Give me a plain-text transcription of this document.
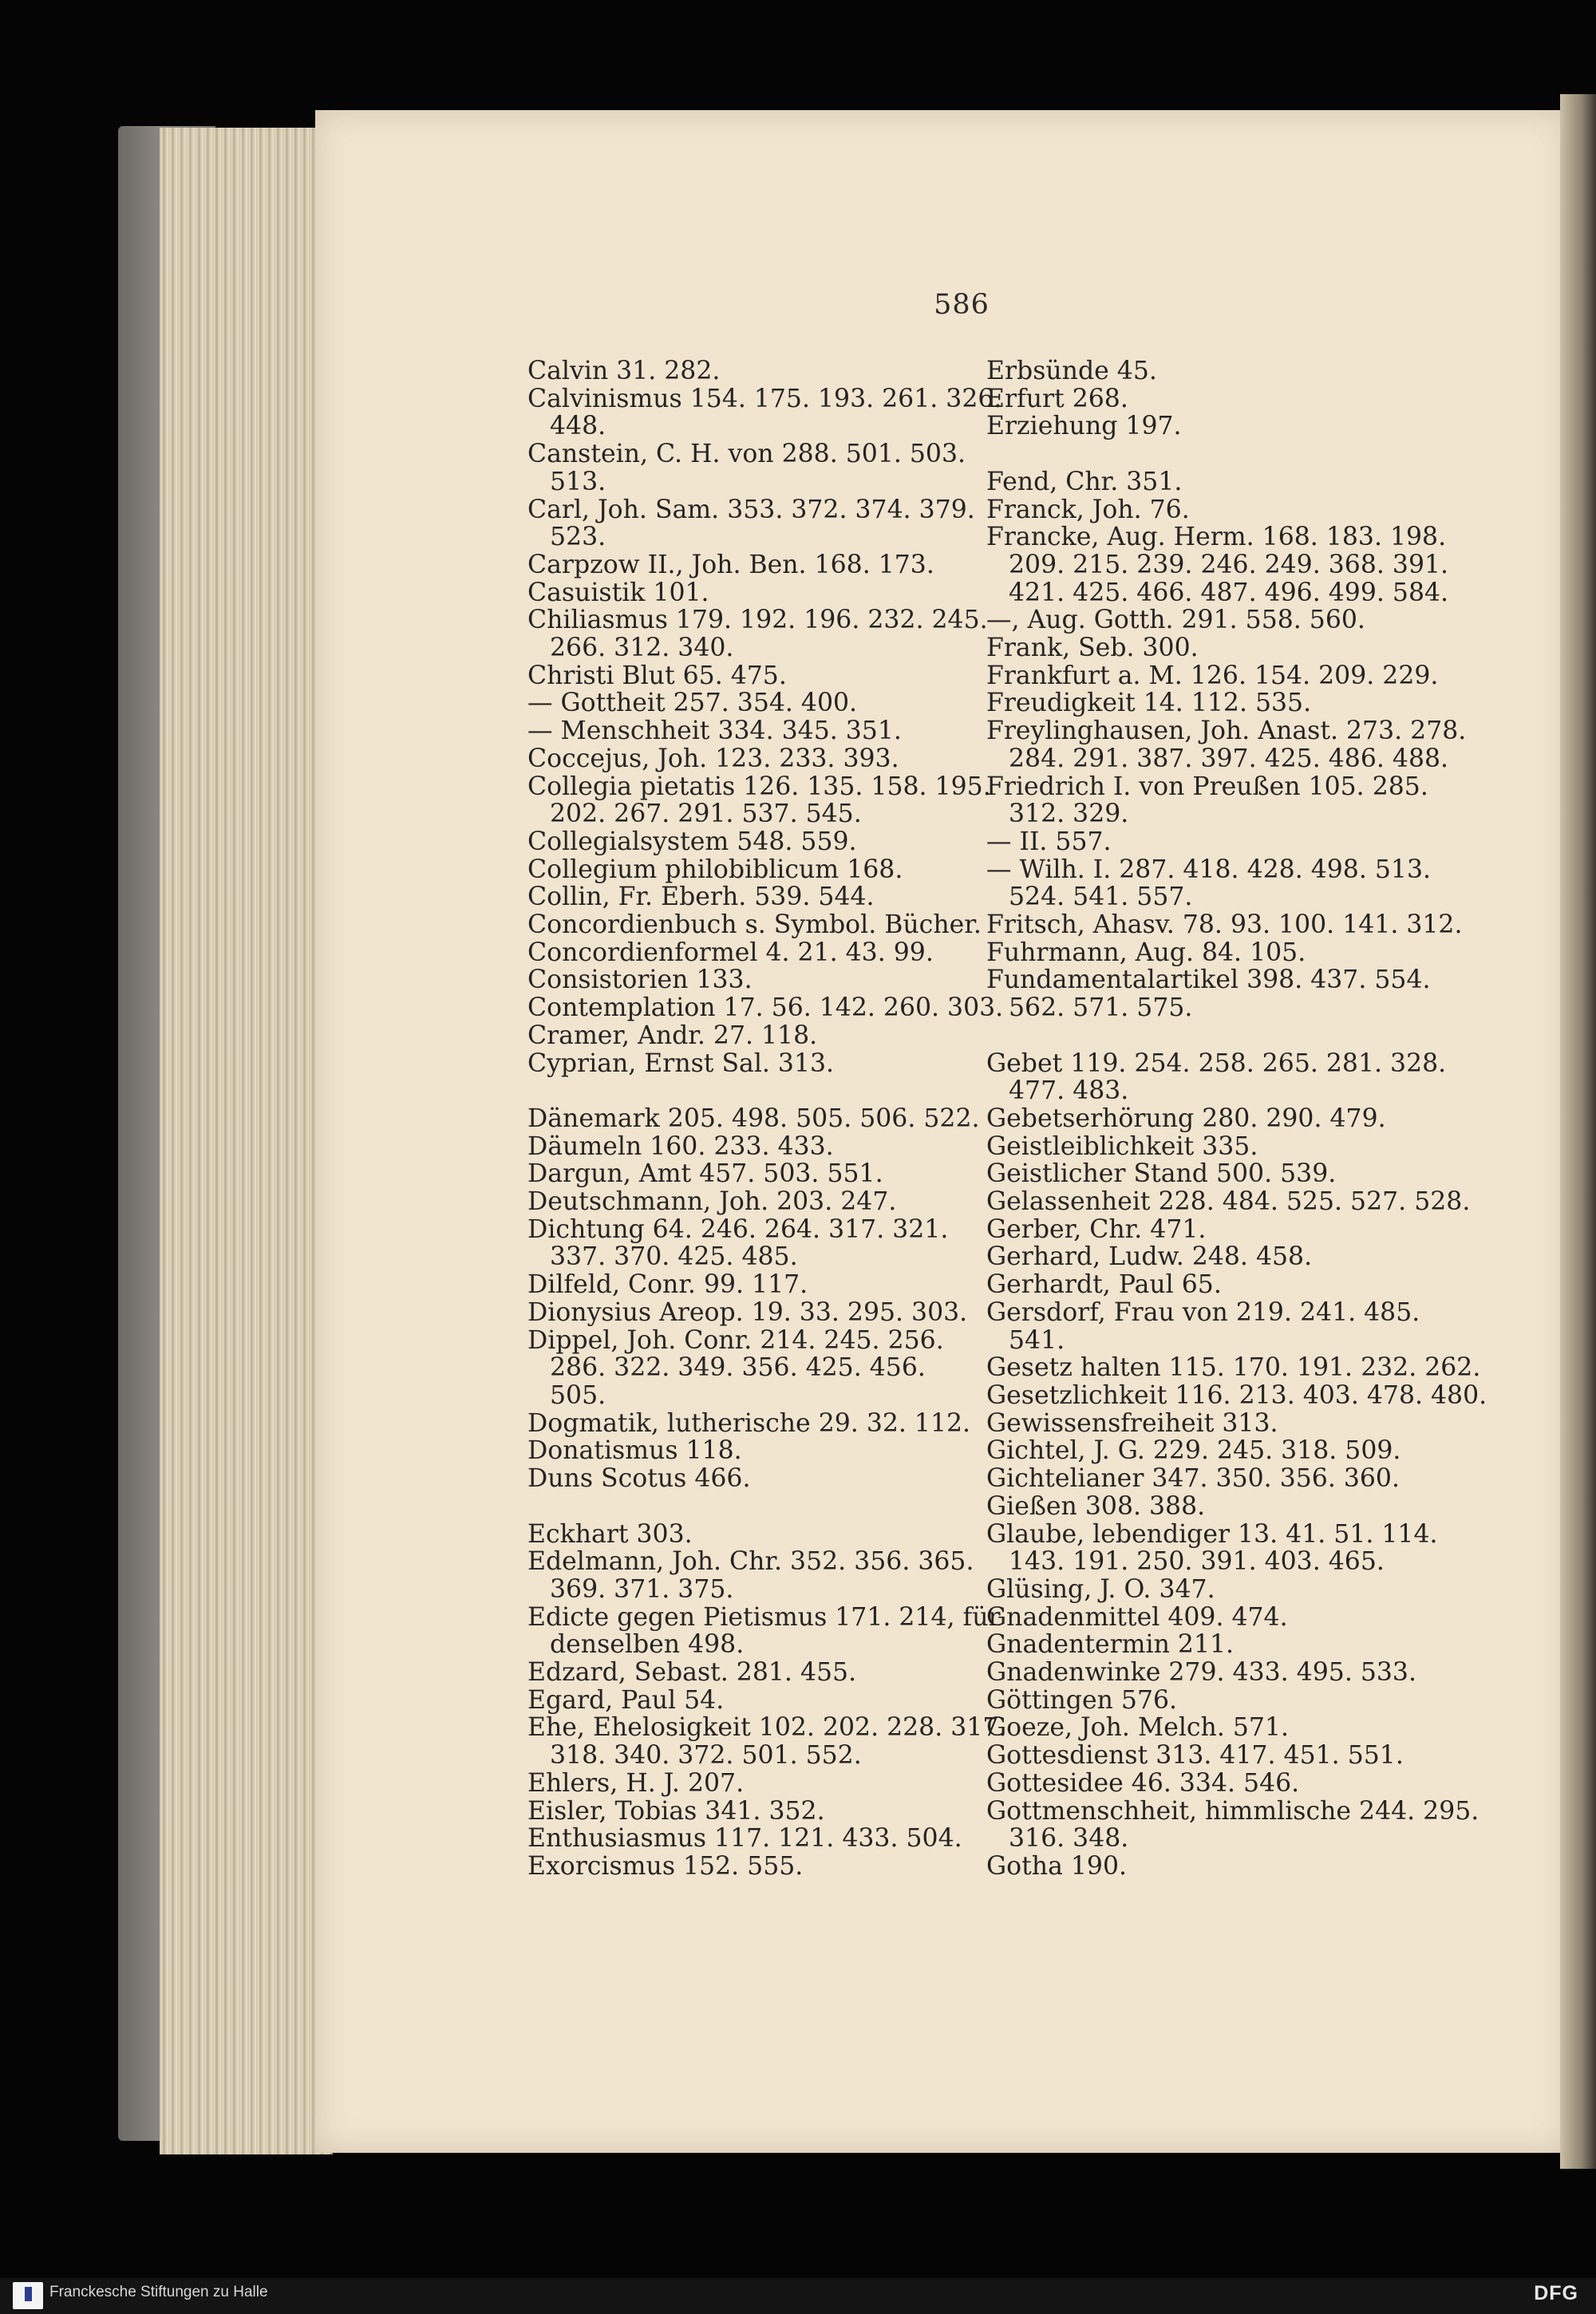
586
Calvin 31. 282.
Calvinismus 154. 175. 193. 261. 326.
448.
Canstein, C. H. von 288. 501. 503.
513.
Carl, Joh. Sam. 353. 372. 374. 379.
523.
Carpzow II., Joh. Ben. 168. 173.
Casuistik 101.
Chiliasmus 179. 192. 196. 232. 245.
266. 312. 340.
Christi Blut 65. 475.
— Gottheit 257. 354. 400.
— Menschheit 334. 345. 351.
Coccejus, Joh. 123. 233. 393.
Collegia pietatis 126. 135. 158. 195.
202. 267. 291. 537. 545.
Collegialsystem 548. 559.
Collegium philobiblicum 168.
Collin, Fr. Eberh. 539. 544.
Concordienbuch s. Symbol. Bücher.
Concordienformel 4. 21. 43. 99.
Consistorien 133.
Contemplation 17. 56. 142. 260. 303.
Cramer, Andr. 27. 118.
Cyprian, Ernst Sal. 313.
Dänemark 205. 498. 505. 506. 522.
Däumeln 160. 233. 433.
Dargun, Amt 457. 503. 551.
Deutschmann, Joh. 203. 247.
Dichtung 64. 246. 264. 317. 321.
337. 370. 425. 485.
Dilfeld, Conr. 99. 117.
Dionysius Areop. 19. 33. 295. 303.
Dippel, Joh. Conr. 214. 245. 256.
286. 322. 349. 356. 425. 456.
505.
Dogmatik, lutherische 29. 32. 112.
Donatismus 118.
Duns Scotus 466.
Eckhart 303.
Edelmann, Joh. Chr. 352. 356. 365.
369. 371. 375.
Edicte gegen Pietismus 171. 214, für
denselben 498.
Edzard, Sebast. 281. 455.
Egard, Paul 54.
Ehe, Ehelosigkeit 102. 202. 228. 317.
318. 340. 372. 501. 552.
Ehlers, H. J. 207.
Eisler, Tobias 341. 352.
Enthusiasmus 117. 121. 433. 504.
Exorcismus 152. 555.
Erbsünde 45.
Erfurt 268.
Erziehung 197.
Fend, Chr. 351.
Franck, Joh. 76.
Francke, Aug. Herm. 168. 183. 198.
209. 215. 239. 246. 249. 368. 391.
421. 425. 466. 487. 496. 499. 584.
—, Aug. Gotth. 291. 558. 560.
Frank, Seb. 300.
Frankfurt a. M. 126. 154. 209. 229.
Freudigkeit 14. 112. 535.
Freylinghausen, Joh. Anast. 273. 278.
284. 291. 387. 397. 425. 486. 488.
Friedrich I. von Preußen 105. 285.
312. 329.
— II. 557.
— Wilh. I. 287. 418. 428. 498. 513.
524. 541. 557.
Fritsch, Ahasv. 78. 93. 100. 141. 312.
Fuhrmann, Aug. 84. 105.
Fundamentalartikel 398. 437. 554.
562. 571. 575.
Gebet 119. 254. 258. 265. 281. 328.
477. 483.
Gebetserhörung 280. 290. 479.
Geistleiblichkeit 335.
Geistlicher Stand 500. 539.
Gelassenheit 228. 484. 525. 527. 528.
Gerber, Chr. 471.
Gerhard, Ludw. 248. 458.
Gerhardt, Paul 65.
Gersdorf, Frau von 219. 241. 485.
541.
Gesetz halten 115. 170. 191. 232. 262.
Gesetzlichkeit 116. 213. 403. 478. 480.
Gewissensfreiheit 313.
Gichtel, J. G. 229. 245. 318. 509.
Gichtelianer 347. 350. 356. 360.
Gießen 308. 388.
Glaube, lebendiger 13. 41. 51. 114.
143. 191. 250. 391. 403. 465.
Glüsing, J. O. 347.
Gnadenmittel 409. 474.
Gnadentermin 211.
Gnadenwinke 279. 433. 495. 533.
Göttingen 576.
Goeze, Joh. Melch. 571.
Gottesdienst 313. 417. 451. 551.
Gottesidee 46. 334. 546.
Gottmenschheit, himmlische 244. 295.
316. 348.
Gotha 190.
Franckesche Stiftungen zu Halle	DFG
